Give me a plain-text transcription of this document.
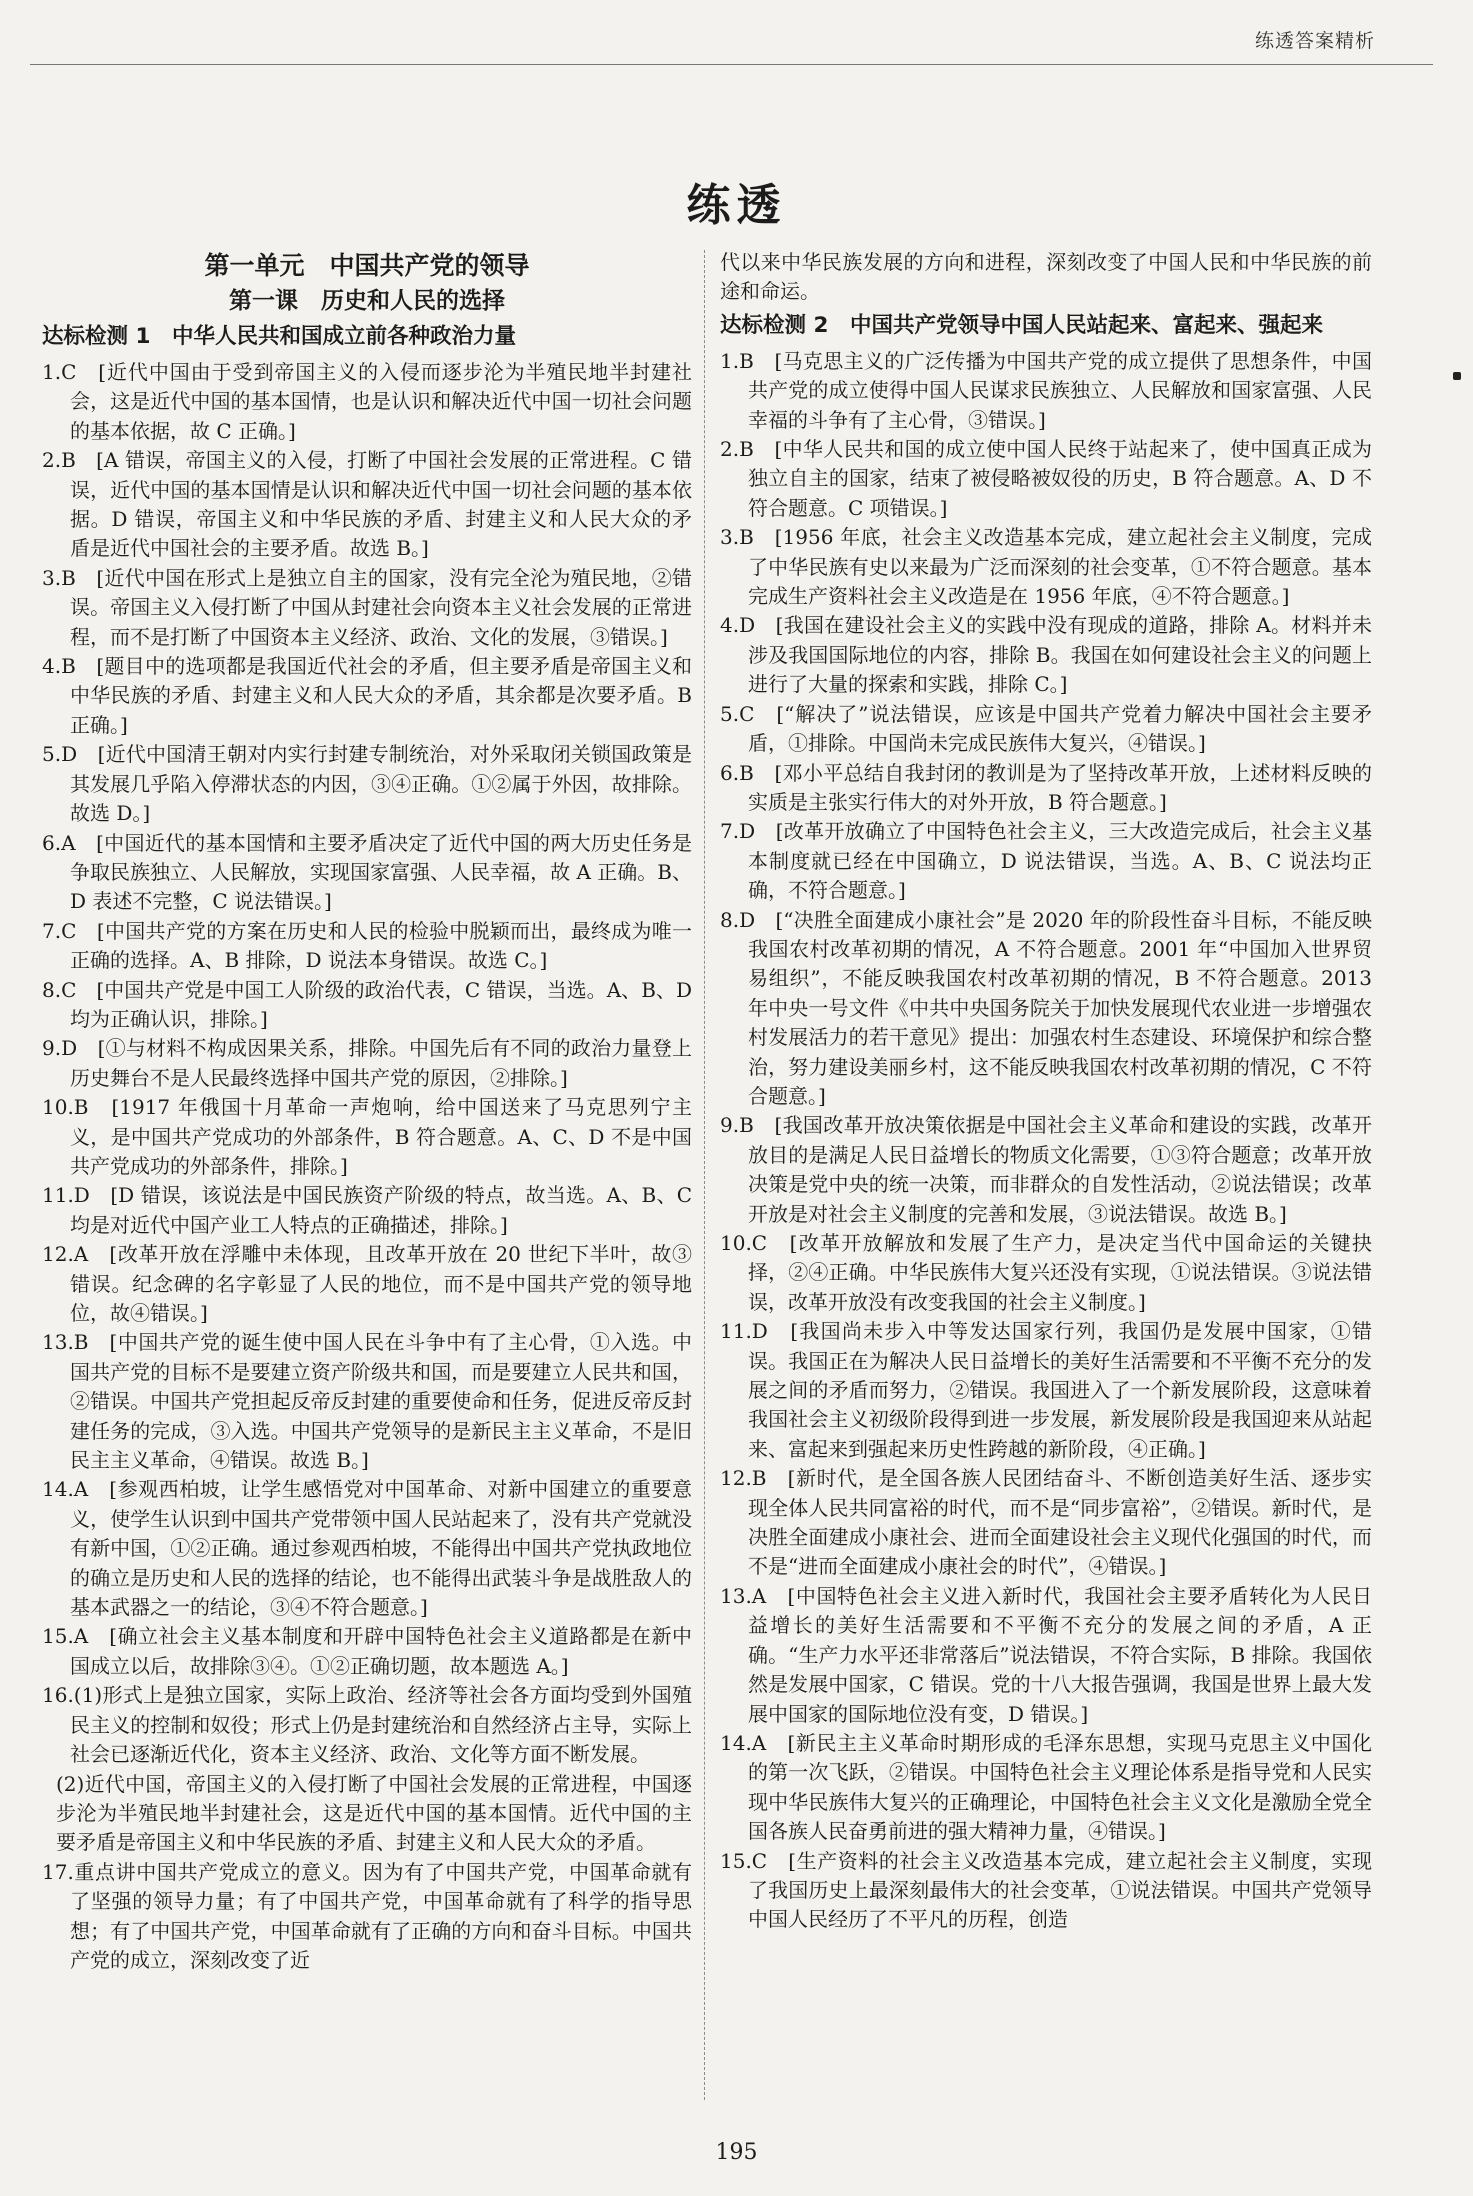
练透答案精析
练透
第一单元　中国共产党的领导
第一课　历史和人民的选择
达标检测 1　中华人民共和国成立前各种政治力量

1.C　[近代中国由于受到帝国主义的入侵而逐步沦为半殖民地半封建社会，这是近代中国的基本国情，也是认识和解决近代中国一切社会问题的基本依据，故 C 正确。]

2.B　[A 错误，帝国主义的入侵，打断了中国社会发展的正常进程。C 错误，近代中国的基本国情是认识和解决近代中国一切社会问题的基本依据。D 错误，帝国主义和中华民族的矛盾、封建主义和人民大众的矛盾是近代中国社会的主要矛盾。故选 B。]

3.B　[近代中国在形式上是独立自主的国家，没有完全沦为殖民地，②错误。帝国主义入侵打断了中国从封建社会向资本主义社会发展的正常进程，而不是打断了中国资本主义经济、政治、文化的发展，③错误。]

4.B　[题目中的选项都是我国近代社会的矛盾，但主要矛盾是帝国主义和中华民族的矛盾、封建主义和人民大众的矛盾，其余都是次要矛盾。B 正确。]

5.D　[近代中国清王朝对内实行封建专制统治，对外采取闭关锁国政策是其发展几乎陷入停滞状态的内因，③④正确。①②属于外因，故排除。故选 D。]

6.A　[中国近代的基本国情和主要矛盾决定了近代中国的两大历史任务是争取民族独立、人民解放，实现国家富强、人民幸福，故 A 正确。B、D 表述不完整，C 说法错误。]

7.C　[中国共产党的方案在历史和人民的检验中脱颖而出，最终成为唯一正确的选择。A、B 排除，D 说法本身错误。故选 C。]

8.C　[中国共产党是中国工人阶级的政治代表，C 错误，当选。A、B、D 均为正确认识，排除。]

9.D　[①与材料不构成因果关系，排除。中国先后有不同的政治力量登上历史舞台不是人民最终选择中国共产党的原因，②排除。]

10.B　[1917 年俄国十月革命一声炮响，给中国送来了马克思列宁主义，是中国共产党成功的外部条件，B 符合题意。A、C、D 不是中国共产党成功的外部条件，排除。]

11.D　[D 错误，该说法是中国民族资产阶级的特点，故当选。A、B、C 均是对近代中国产业工人特点的正确描述，排除。]

12.A　[改革开放在浮雕中未体现，且改革开放在 20 世纪下半叶，故③错误。纪念碑的名字彰显了人民的地位，而不是中国共产党的领导地位，故④错误。]

13.B　[中国共产党的诞生使中国人民在斗争中有了主心骨，①入选。中国共产党的目标不是要建立资产阶级共和国，而是要建立人民共和国，②错误。中国共产党担起反帝反封建的重要使命和任务，促进反帝反封建任务的完成，③入选。中国共产党领导的是新民主主义革命，不是旧民主主义革命，④错误。故选 B。]

14.A　[参观西柏坡，让学生感悟党对中国革命、对新中国建立的重要意义，使学生认识到中国共产党带领中国人民站起来了，没有共产党就没有新中国，①②正确。通过参观西柏坡，不能得出中国共产党执政地位的确立是历史和人民的选择的结论，也不能得出武装斗争是战胜敌人的基本武器之一的结论，③④不符合题意。]

15.A　[确立社会主义基本制度和开辟中国特色社会主义道路都是在新中国成立以后，故排除③④。①②正确切题，故本题选 A。]

16.(1)形式上是独立国家，实际上政治、经济等社会各方面均受到外国殖民主义的控制和奴役；形式上仍是封建统治和自然经济占主导，实际上社会已逐渐近代化，资本主义经济、政治、文化等方面不断发展。

(2)近代中国，帝国主义的入侵打断了中国社会发展的正常进程，中国逐步沦为半殖民地半封建社会，这是近代中国的基本国情。近代中国的主要矛盾是帝国主义和中华民族的矛盾、封建主义和人民大众的矛盾。

17.重点讲中国共产党成立的意义。因为有了中国共产党，中国革命就有了坚强的领导力量；有了中国共产党，中国革命就有了科学的指导思想；有了中国共产党，中国革命就有了正确的方向和奋斗目标。中国共产党的成立，深刻改变了近

代以来中华民族发展的方向和进程，深刻改变了中国人民和中华民族的前途和命运。

达标检测 2　中国共产党领导中国人民站起来、富起来、强起来

1.B　[马克思主义的广泛传播为中国共产党的成立提供了思想条件，中国共产党的成立使得中国人民谋求民族独立、人民解放和国家富强、人民幸福的斗争有了主心骨，③错误。]

2.B　[中华人民共和国的成立使中国人民终于站起来了，使中国真正成为独立自主的国家，结束了被侵略被奴役的历史，B 符合题意。A、D 不符合题意。C 项错误。]

3.B　[1956 年底，社会主义改造基本完成，建立起社会主义制度，完成了中华民族有史以来最为广泛而深刻的社会变革，①不符合题意。基本完成生产资料社会主义改造是在 1956 年底，④不符合题意。]

4.D　[我国在建设社会主义的实践中没有现成的道路，排除 A。材料并未涉及我国国际地位的内容，排除 B。我国在如何建设社会主义的问题上进行了大量的探索和实践，排除 C。]

5.C　[“解决了”说法错误，应该是中国共产党着力解决中国社会主要矛盾，①排除。中国尚未完成民族伟大复兴，④错误。]

6.B　[邓小平总结自我封闭的教训是为了坚持改革开放，上述材料反映的实质是主张实行伟大的对外开放，B 符合题意。]

7.D　[改革开放确立了中国特色社会主义，三大改造完成后，社会主义基本制度就已经在中国确立，D 说法错误，当选。A、B、C 说法均正确，不符合题意。]

8.D　[“决胜全面建成小康社会”是 2020 年的阶段性奋斗目标，不能反映我国农村改革初期的情况，A 不符合题意。2001 年“中国加入世界贸易组织”，不能反映我国农村改革初期的情况，B 不符合题意。2013 年中央一号文件《中共中央国务院关于加快发展现代农业进一步增强农村发展活力的若干意见》提出：加强农村生态建设、环境保护和综合整治，努力建设美丽乡村，这不能反映我国农村改革初期的情况，C 不符合题意。]

9.B　[我国改革开放决策依据是中国社会主义革命和建设的实践，改革开放目的是满足人民日益增长的物质文化需要，①③符合题意；改革开放决策是党中央的统一决策，而非群众的自发性活动，②说法错误；改革开放是对社会主义制度的完善和发展，③说法错误。故选 B。]

10.C　[改革开放解放和发展了生产力，是决定当代中国命运的关键抉择，②④正确。中华民族伟大复兴还没有实现，①说法错误。③说法错误，改革开放没有改变我国的社会主义制度。]

11.D　[我国尚未步入中等发达国家行列，我国仍是发展中国家，①错误。我国正在为解决人民日益增长的美好生活需要和不平衡不充分的发展之间的矛盾而努力，②错误。我国进入了一个新发展阶段，这意味着我国社会主义初级阶段得到进一步发展，新发展阶段是我国迎来从站起来、富起来到强起来历史性跨越的新阶段，④正确。]

12.B　[新时代，是全国各族人民团结奋斗、不断创造美好生活、逐步实现全体人民共同富裕的时代，而不是“同步富裕”，②错误。新时代，是决胜全面建成小康社会、进而全面建设社会主义现代化强国的时代，而不是“进而全面建成小康社会的时代”，④错误。]

13.A　[中国特色社会主义进入新时代，我国社会主要矛盾转化为人民日益增长的美好生活需要和不平衡不充分的发展之间的矛盾，A 正确。“生产力水平还非常落后”说法错误，不符合实际，B 排除。我国依然是发展中国家，C 错误。党的十八大报告强调，我国是世界上最大发展中国家的国际地位没有变，D 错误。]

14.A　[新民主主义革命时期形成的毛泽东思想，实现马克思主义中国化的第一次飞跃，②错误。中国特色社会主义理论体系是指导党和人民实现中华民族伟大复兴的正确理论，中国特色社会主义文化是激励全党全国各族人民奋勇前进的强大精神力量，④错误。]

15.C　[生产资料的社会主义改造基本完成，建立起社会主义制度，实现了我国历史上最深刻最伟大的社会变革，①说法错误。中国共产党领导中国人民经历了不平凡的历程，创造

195
